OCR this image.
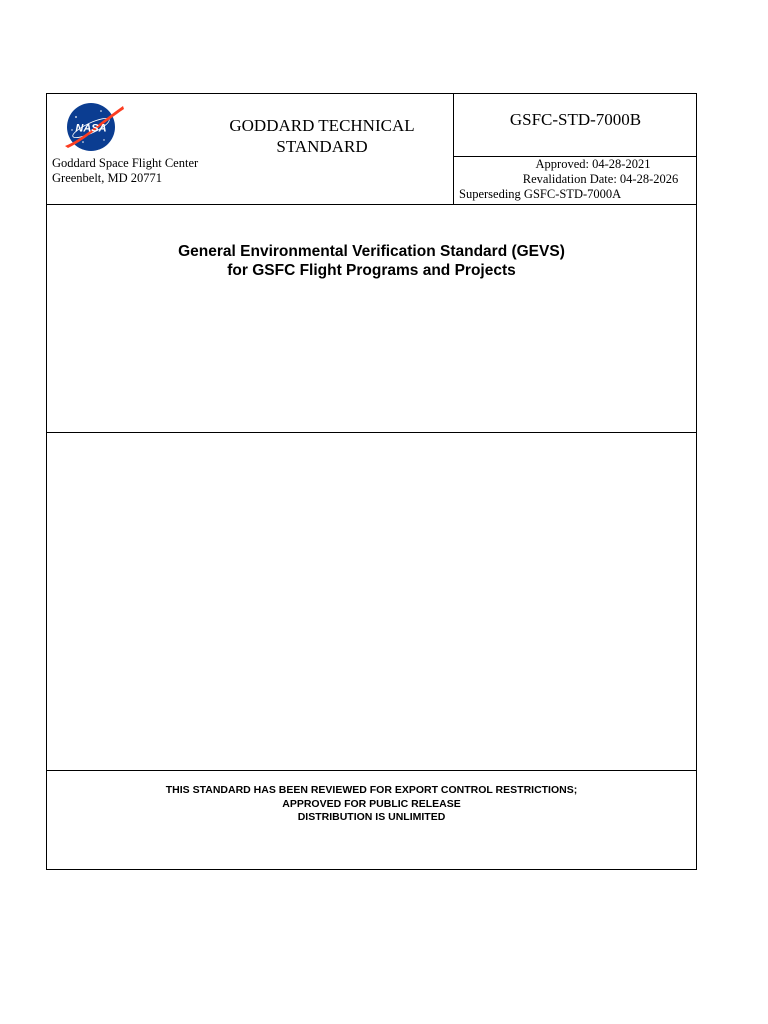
NASA	GODDARD TECHNICAL
STANDARD
Goddard Space Flight Center
Greenbelt, MD 20771
GSFC-STD-7000B
Approved: 04-28-2021
Revalidation Date: 04-28-2026
Superseding GSFC-STD-7000A
General Environmental Verification Standard (GEVS)
for GSFC Flight Programs and Projects
THIS STANDARD HAS BEEN REVIEWED FOR EXPORT CONTROL RESTRICTIONS;
APPROVED FOR PUBLIC RELEASE
DISTRIBUTION IS UNLIMITED
